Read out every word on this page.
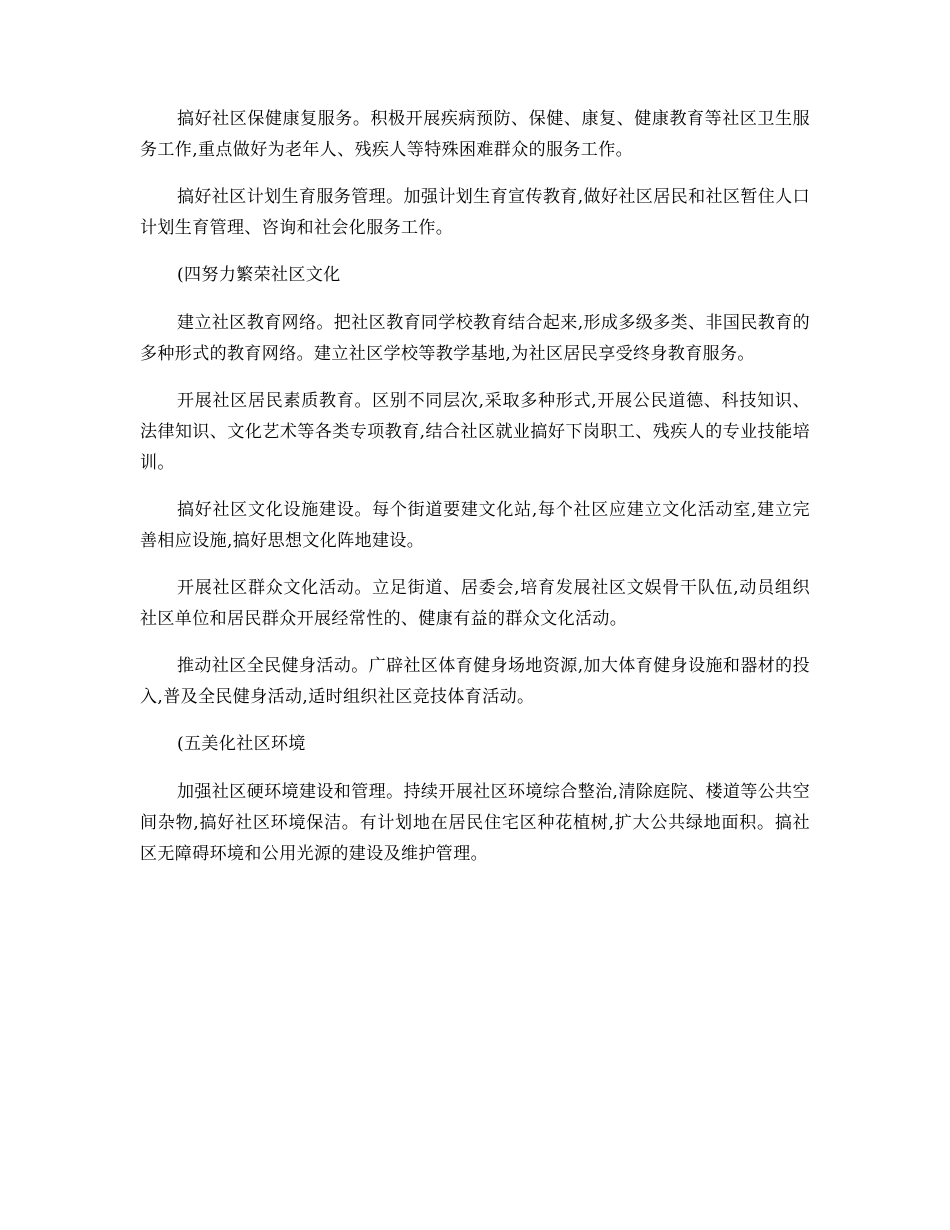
搞好社区保健康复服务。积极开展疾病预防、保健、康复、健康教育等社区卫生服务工作,重点做好为老年人、残疾人等特殊困难群众的服务工作。

搞好社区计划生育服务管理。加强计划生育宣传教育,做好社区居民和社区暂住人口计划生育管理、咨询和社会化服务工作。

(四努力繁荣社区文化

建立社区教育网络。把社区教育同学校教育结合起来,形成多级多类、非国民教育的多种形式的教育网络。建立社区学校等教学基地,为社区居民享受终身教育服务。

开展社区居民素质教育。区别不同层次,采取多种形式,开展公民道德、科技知识、法律知识、文化艺术等各类专项教育,结合社区就业搞好下岗职工、残疾人的专业技能培训。

搞好社区文化设施建设。每个街道要建文化站,每个社区应建立文化活动室,建立完善相应设施,搞好思想文化阵地建设。

开展社区群众文化活动。立足街道、居委会,培育发展社区文娱骨干队伍,动员组织社区单位和居民群众开展经常性的、健康有益的群众文化活动。

推动社区全民健身活动。广辟社区体育健身场地资源,加大体育健身设施和器材的投入,普及全民健身活动,适时组织社区竞技体育活动。

(五美化社区环境

加强社区硬环境建设和管理。持续开展社区环境综合整治,清除庭院、楼道等公共空间杂物,搞好社区环境保洁。有计划地在居民住宅区种花植树,扩大公共绿地面积。搞社区无障碍环境和公用光源的建设及维护管理。
